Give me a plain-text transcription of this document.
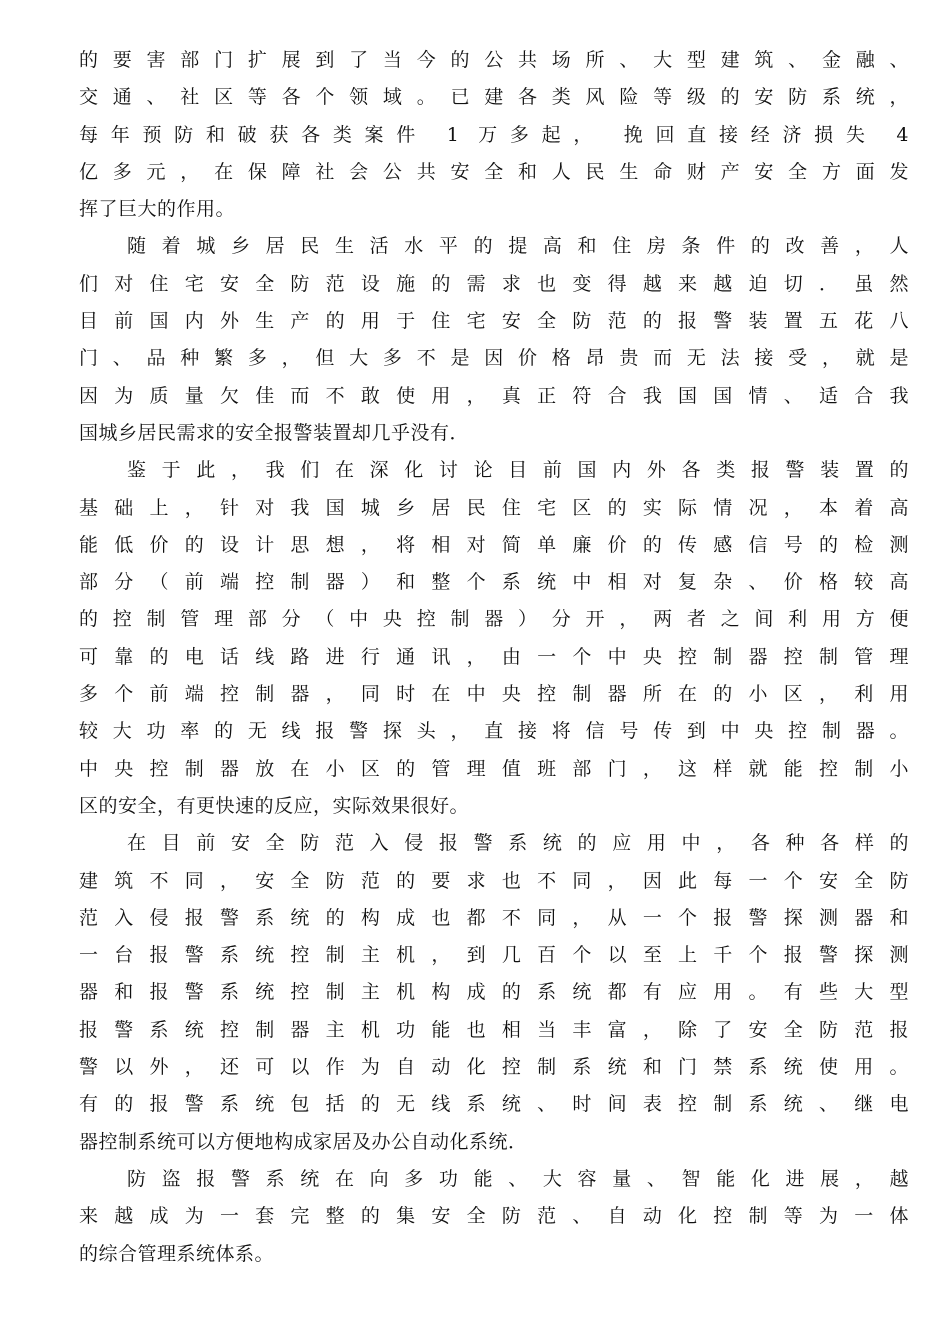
的要害部门扩展到了当今的公共场所、大型建筑、金融、
交通、社区等各个领域。已建各类风险等级的安防系统，
每年预防和破获各类案件 1 万多起， 挽回直接经济损失 4
亿多元，在保障社会公共安全和人民生命财产安全方面发
挥了巨大的作用。
随着城乡居民生活水平的提高和住房条件的改善，人
们对住宅安全防范设施的需求也变得越来越迫切．虽然
目前国内外生产的用于住宅安全防范的报警装置五花八
门、品种繁多，但大多不是因价格昂贵而无法接受，就是
因为质量欠佳而不敢使用，真正符合我国国情、适合我
国城乡居民需求的安全报警装置却几乎没有．
鉴于此，我们在深化讨论目前国内外各类报警装置的
基础上，针对我国城乡居民住宅区的实际情况，本着高
能低价的设计思想，将相对简单廉价的传感信号的检测
部分（前端控制器）和整个系统中相对复杂、价格较高
的控制管理部分（中央控制器）分开，两者之间利用方便
可靠的电话线路进行通讯，由一个中央控制器控制管理
多个前端控制器，同时在中央控制器所在的小区，利用
较大功率的无线报警探头，直接将信号传到中央控制器。
中央控制器放在小区的管理值班部门，这样就能控制小
区的安全，有更快速的反应，实际效果很好。
在目前安全防范入侵报警系统的应用中，各种各样的
建筑不同，安全防范的要求也不同，因此每一个安全防
范入侵报警系统的构成也都不同，从一个报警探测器和
一台报警系统控制主机，到几百个以至上千个报警探测
器和报警系统控制主机构成的系统都有应用。有些大型
报警系统控制器主机功能也相当丰富，除了安全防范报
警以外，还可以作为自动化控制系统和门禁系统使用。
有的报警系统包括的无线系统、时间表控制系统、继电
器控制系统可以方便地构成家居及办公自动化系统．
防盗报警系统在向多功能、大容量、智能化进展，越
来越成为一套完整的集安全防范、自动化控制等为一体
的综合管理系统体系。
